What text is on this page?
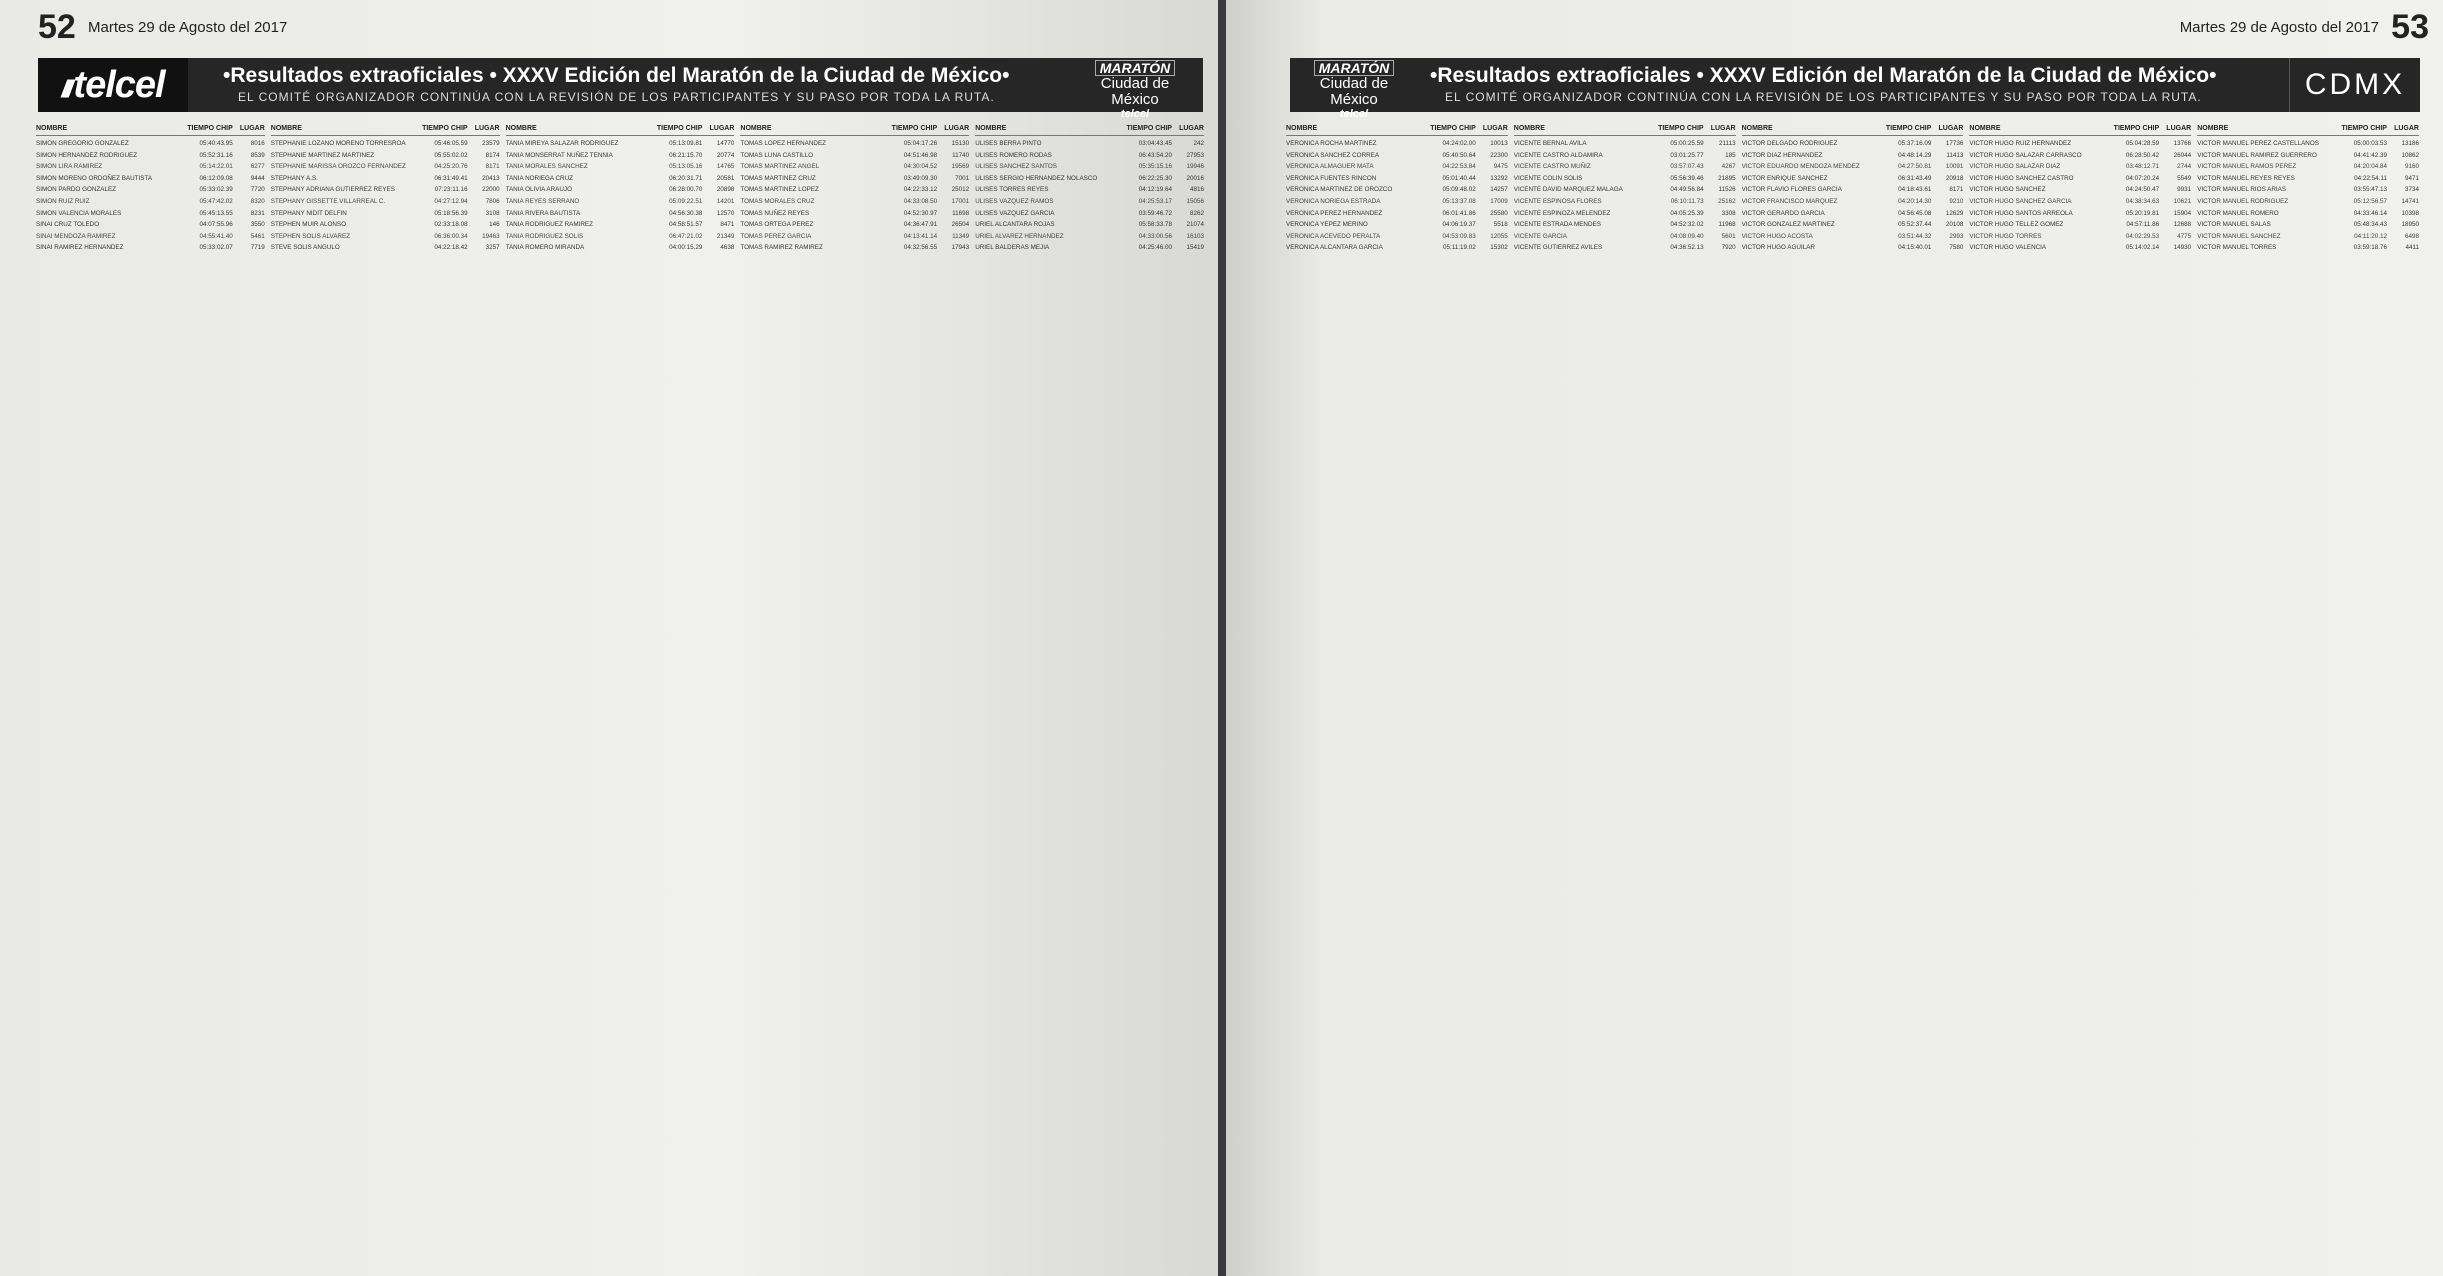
52 Martes 29 de Agosto del 2017
/// telcel	•Resultados extraoficiales • XXXV Edición del Maratón de la Ciudad de México•
EL COMITÉ ORGANIZADOR CONTINÚA CON LA REVISIÓN DE LOS PARTICIPANTES Y SU PASO POR TODA LA RUTA.
MARATÓN
Ciudad de México
telcel
NOMBRE	TIEMPO CHIP	LUGAR
SIMON GREGORIO GONZALEZ	05:40:43.95	8016
SIMON HERNANDEZ RODRIGUEZ	05:52:31.16	8539
SIMON LIRA RAMIREZ	05:14:22.01	6277
SIMON MORENO ORDOÑEZ BAUTISTA	06:12:09.08	9444
SIMON PARDO GONZALEZ	05:33:02.39	7720
SIMON RUIZ RUIZ	05:47:42.02	8320
SIMON VALENCIA MORALES	05:45:13.55	8231
SINAI CRUZ TOLEDO	04:07:55.96	3550
SINAI MENDOZA RAMIREZ	04:55:41.40	5461
SINAI RAMIREZ HERNANDEZ	05:33:02.07	7719
NOMBRE	TIEMPO CHIP	LUGAR
STEPHANIE LOZANO MORENO TORRESROA	05:46:05.59	23579
STEPHANIE MARTINEZ MARTINEZ	05:55:02.02	8174
STEPHANIE MARISSA OROZCO FERNANDEZ	04:25:20.76	8171
STEPHANY A.S.	06:31:49.41	20413
STEPHANY ADRIANA GUTIERREZ REYES	07:23:11.16	22000
STEPHANY GISSETTE VILLARREAL C.	04:27:12.94	7806
STEPHANY NIDIT DELFIN	05:18:56.39	3108
STEPHEN MUIR ALONSO	02:33:18.08	146
STEPHEN SOLIS ALVAREZ	06:36:00.34	19463
STEVE SOLIS ANGULO	04:22:18.42	3257
NOMBRE	TIEMPO CHIP	LUGAR
TANIA MIREYA SALAZAR RODRIGUEZ	05:13:09.81	14770
TANIA MONSERRAT NUÑEZ TENNIA	06:21:15.70	20774
TANIA MORALES SANCHEZ	05:13:05.16	14765
TANIA NORIEGA CRUZ	06:20:31.71	20581
TANIA OLIVIA ARAUJO	06:28:00.70	20898
TANIA REYES SERRANO	05:09:22.51	14201
TANIA RIVERA BAUTISTA	04:56:30.38	12570
TANIA RODRIGUEZ RAMIREZ	04:58:51.57	8471
TANIA RODRIGUEZ SOLIS	06:47:21.02	21349
TANIA ROMERO MIRANDA	04:00:15.29	4638
NOMBRE	TIEMPO CHIP	LUGAR
TOMAS LOPEZ HERNANDEZ	05:04:17.26	15130
TOMAS LUNA CASTILLO	04:51:46.98	11740
TOMAS MARTINEZ ANGEL	04:30:04.52	19569
TOMAS MARTINEZ CRUZ	03:49:09.30	7001
TOMAS MARTINEZ LOPEZ	04:22:33.12	25012
TOMAS MORALES CRUZ	04:33:08.50	17001
TOMAS NUÑEZ REYES	04:52:30.97	11698
TOMAS ORTEGA PEREZ	04:36:47.91	26504
TOMAS PEREZ GARCIA	04:13:41.14	11349
TOMAS RAMIREZ RAMIREZ	04:32:56.55	17943
NOMBRE	TIEMPO CHIP	LUGAR
ULISES BERRA PINTO	03:04:43.45	242
ULISES ROMERO RODAS	06:43:54.20	27953
ULISES SANCHEZ SANTOS	05:35:15.16	19946
ULISES SERGIO HERNANDEZ NOLASCO	06:22:25.30	20016
ULISES TORRES REYES	04:12:19.64	4816
ULISES VAZQUEZ RAMOS	04:25:53.17	15056
ULISES VAZQUEZ GARCIA	03:59:46.72	8262
URIEL ALCANTARA ROJAS	05:58:33.78	21074
URIEL ALVAREZ HERNANDEZ	04:33:00.56	16103
URIEL BALDERAS MEJIA	04:25:46.00	15419
Martes 29 de Agosto del 2017 53
MARATÓN
Ciudad de México
telcel
•Resultados extraoficiales • XXXV Edición del Maratón de la Ciudad de México•
EL COMITÉ ORGANIZADOR CONTINÚA CON LA REVISIÓN DE LOS PARTICIPANTES Y SU PASO POR TODA LA RUTA.	CDMX
NOMBRE	TIEMPO CHIP	LUGAR
VERONICA ROCHA MARTINEZ	04:24:02.00	10013
VERONICA SANCHEZ CORREA	05:40:50.64	22300
VERONICA ALMAGUER MATA	04:22:53.84	9475
VERONICA FUENTES RINCON	05:01:40.44	13292
VERONICA MARTINEZ DE OROZCO	05:09:48.02	14257
VERONICA NORIEGA ESTRADA	05:13:37.08	17009
VERONICA PEREZ HERNANDEZ	06:01:41.86	25580
VERONICA YEPEZ MERINO	04:06:19.37	5518
VERONICA ACEVEDO PERALTA	04:53:09.83	12055
VERONICA ALCANTARA GARCIA	05:11:19.02	15302
NOMBRE	TIEMPO CHIP	LUGAR
VICENTE BERNAL AVILA	05:00:25.59	21113
VICENTE CASTRO ALDAMIRA	03:01:25.77	185
VICENTE CASTRO MUÑIZ	03:57:07.43	4267
VICENTE COLIN SOLIS	05:56:39.46	21895
VICENTE DAVID MARQUEZ MALAGA	04:49:56.84	11526
VICENTE ESPINOSA FLORES	06:10:11.73	25162
VICENTE ESPINOZA MELENDEZ	04:05:25.39	3308
VICENTE ESTRADA MENDES	04:52:32.02	11968
VICENTE GARCIA	04:08:09.40	5601
VICENTE GUTIERREZ AVILES	04:36:52.13	7920
NOMBRE	TIEMPO CHIP	LUGAR
VICTOR DELGADO RODRIGUEZ	05:37:16.09	17736
VICTOR DIAZ HERNANDEZ	04:48:14.29	11413
VICTOR EDUARDO MENDOZA MENDEZ	04:27:50.81	10091
VICTOR ENRIQUE SANCHEZ	06:31:43.49	20918
VICTOR FLAVIO FLORES GARCIA	04:18:43.61	8171
VICTOR FRANCISCO MARQUEZ	04:20:14.30	9210
VICTOR GERARDO GARCIA	04:56:45.08	12629
VICTOR GONZALEZ MARTINEZ	05:52:37.44	20108
VICTOR HUGO ACOSTA	03:51:44.32	2993
VICTOR HUGO AGUILAR	04:15:40.01	7580
NOMBRE	TIEMPO CHIP	LUGAR
VICTOR HUGO RUIZ HERNANDEZ	05:04:28.59	13766
VICTOR HUGO SALAZAR CARRASCO	06:28:50.42	26044
VICTOR HUGO SALAZAR DIAZ	03:48:12.71	2744
VICTOR HUGO SANCHEZ CASTRO	04:07:20.24	5549
VICTOR HUGO SANCHEZ	04:24:50.47	9931
VICTOR HUGO SANCHEZ GARCIA	04:38:34.63	10621
VICTOR HUGO SANTOS ARREOLA	05:20:19.81	15904
VICTOR HUGO TELLEZ GOMEZ	04:57:11.86	12688
VICTOR HUGO TORRES	04:02:29.53	4775
VICTOR HUGO VALENCIA	05:14:02.14	14930
NOMBRE	TIEMPO CHIP	LUGAR
VICTOR MANUEL PEREZ CASTELLANOS	05:00:03.53	13186
VICTOR MANUEL RAMIREZ GUERRERO	04:41:42.39	10862
VICTOR MANUEL RAMOS PEREZ	04:20:04.84	9160
VICTOR MANUEL REYES REYES	04:22:54.11	9471
VICTOR MANUEL RIOS ARIAS	03:55:47.13	3734
VICTOR MANUEL RODRIGUEZ	05:12:56.57	14741
VICTOR MANUEL ROMERO	04:33:46.14	10398
VICTOR MANUEL SALAS	05:48:34.43	18950
VICTOR MANUEL SANCHEZ	04:11:20.12	6498
VICTOR MANUEL TORRES	03:59:18.76	4411
